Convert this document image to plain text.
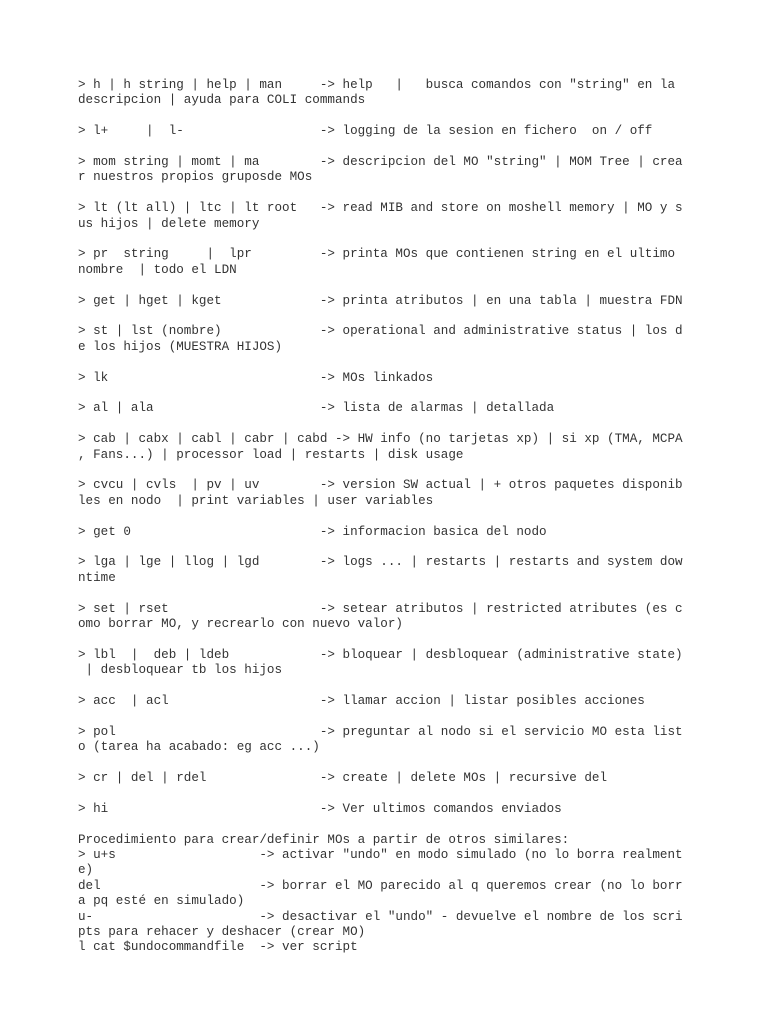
> h | h string | help | man     -> help   |   busca comandos con "string" en la
descripcion | ayuda para COLI commands
> l+     |  l-                  -> logging de la sesion en fichero  on / off
> mom string | momt | ma        -> descripcion del MO "string" | MOM Tree | crea
r nuestros propios gruposde MOs
> lt (lt all) | ltc | lt root   -> read MIB and store on moshell memory | MO y s
us hijos | delete memory
> pr  string     |  lpr         -> printa MOs que contienen string en el ultimo
nombre  | todo el LDN
> get | hget | kget             -> printa atributos | en una tabla | muestra FDN
> st | lst (nombre)             -> operational and administrative status | los d
e los hijos (MUESTRA HIJOS)
> lk                            -> MOs linkados
> al | ala                      -> lista de alarmas | detallada
> cab | cabx | cabl | cabr | cabd -> HW info (no tarjetas xp) | si xp (TMA, MCPA
, Fans...) | processor load | restarts | disk usage
> cvcu | cvls  | pv | uv        -> version SW actual | + otros paquetes disponib
les en nodo  | print variables | user variables
> get 0                         -> informacion basica del nodo
> lga | lge | llog | lgd        -> logs ... | restarts | restarts and system dow
ntime
> set | rset                    -> setear atributos | restricted atributes (es c
omo borrar MO, y recrearlo con nuevo valor)
> lbl  |  deb | ldeb            -> bloquear | desbloquear (administrative state)
| desbloquear tb los hijos
> acc  | acl                    -> llamar accion | listar posibles acciones
> pol                           -> preguntar al nodo si el servicio MO esta list
o (tarea ha acabado: eg acc ...)
> cr | del | rdel               -> create | delete MOs | recursive del
> hi                            -> Ver ultimos comandos enviados
Procedimiento para crear/definir MOs a partir de otros similares:
> u+s                   -> activar "undo" en modo simulado (no lo borra realment
e)
del                     -> borrar el MO parecido al q queremos crear (no lo borr
a pq esté en simulado)
u-                      -> desactivar el "undo" - devuelve el nombre de los scri
pts para rehacer y deshacer (crear MO)
l cat $undocommandfile  -> ver script
